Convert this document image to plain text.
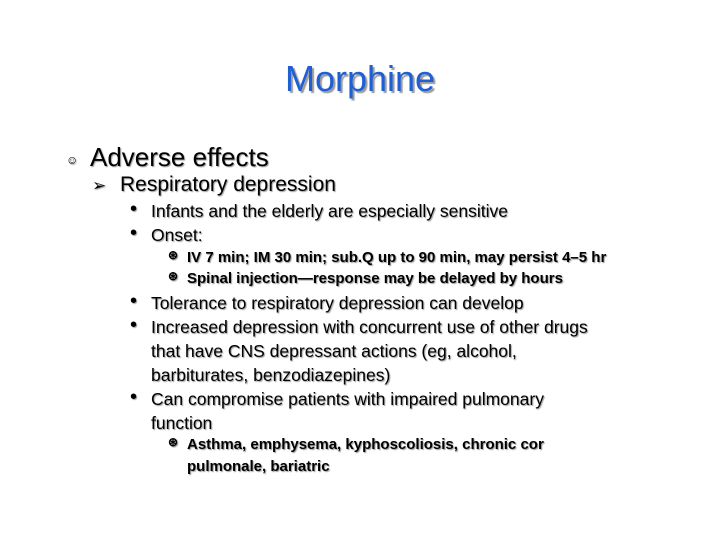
Morphine
☺ Adverse effects
➢ Respiratory depression
• Infants and the elderly are especially sensitive
• Onset:
⊛ IV 7 min; IM 30 min; sub.Q up to 90 min, may persist 4–5 hr
⊛ Spinal injection—response may be delayed by hours
• Tolerance to respiratory depression can develop
• Increased depression with concurrent use of other drugs
that have CNS depressant actions (eg, alcohol,
barbiturates, benzodiazepines)
• Can compromise patients with impaired pulmonary
function
⊛ Asthma, emphysema, kyphoscoliosis, chronic cor
pulmonale, bariatric
